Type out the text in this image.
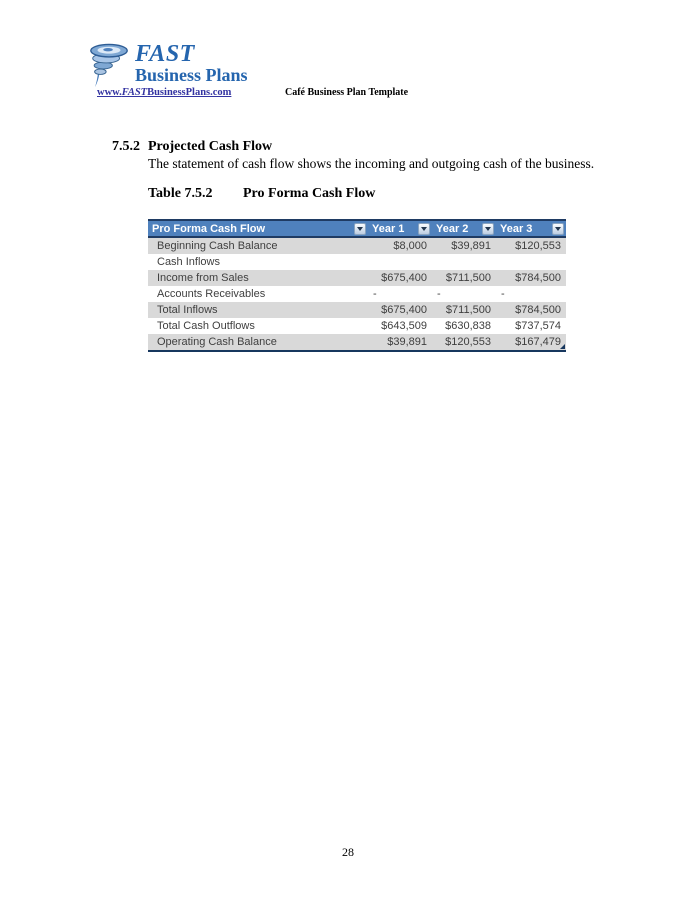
FAST
Business Plans
www.FASTBusinessPlans.com	Café Business Plan Template
7.5.2 Projected Cash Flow

The statement of cash flow shows the incoming and outgoing cash of the business.

Table 7.5.2 Pro Forma Cash Flow
Pro Forma Cash Flow	Year 1	Year 2	Year 3
Beginning Cash Balance	$8,000	$39,891	$120,553
Cash Inflows
Income from Sales	$675,400	$711,500	$784,500
Accounts Receivables	-	-	-
Total Inflows	$675,400	$711,500	$784,500
Total Cash Outflows	$643,509	$630,838	$737,574
Operating Cash Balance	$39,891	$120,553	$167,479
28
